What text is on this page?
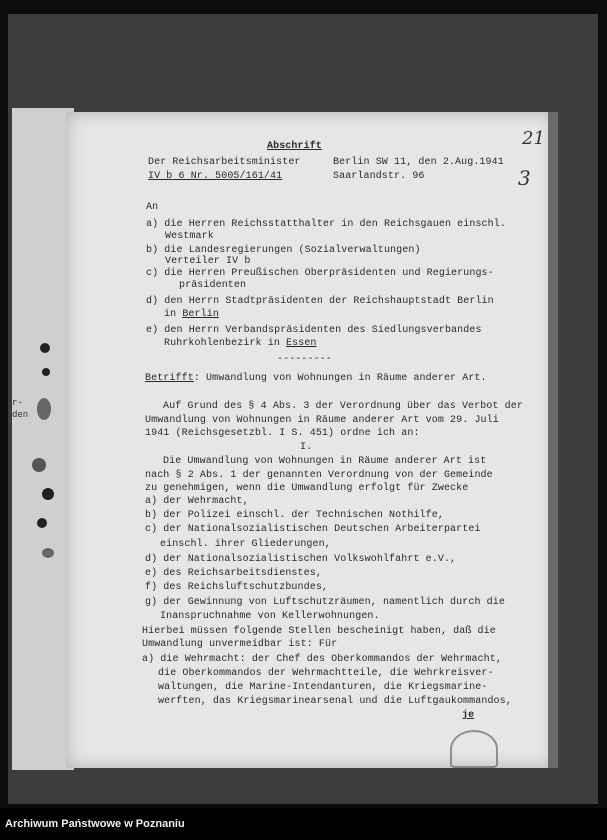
r-
den
Abschrift
Der Reichsarbeitsminister
IV b 6 Nr. 5005/161/41
Berlin SW 11, den 2.Aug.1941
Saarlandstr. 96
21
3
An
a) die Herren Reichsstatthalter in den Reichsgauen einschl.
Westmark
b) die Landesregierungen (Sozialverwaltungen)
Verteiler IV b
c) die Herren Preußischen Oberpräsidenten und Regierungs-
präsidenten
d) den Herrn Stadtpräsidenten der Reichshauptstadt Berlin
in Berlin
e) den Herrn Verbandspräsidenten des Siedlungsverbandes
Ruhrkohlenbezirk in Essen
---------
Betrifft: Umwandlung von Wohnungen in Räume anderer Art.
Auf Grund des § 4 Abs. 3 der Verordnung über das Verbot der
Umwandlung von Wohnungen in Räume anderer Art vom 29. Juli
1941 (Reichsgesetzbl. I S. 451) ordne ich an:
I.
Die Umwandlung von Wohnungen in Räume anderer Art ist
nach § 2 Abs. 1 der genannten Verordnung von der Gemeinde
zu genehmigen, wenn die Umwandlung erfolgt für Zwecke
a) der Wehrmacht,
b) der Polizei einschl. der Technischen Nothilfe,
c) der Nationalsozialistischen Deutschen Arbeiterpartei
einschl. ihrer Gliederungen,
d) der Nationalsozialistischen Volkswohlfahrt e.V.,
e) des Reichsarbeitsdienstes,
f) des Reichsluftschutzbundes,
g) der Gewinnung von Luftschutzräumen, namentlich durch die
Inanspruchnahme von Kellerwohnungen.
Hierbei müssen folgende Stellen bescheinigt haben, daß die
Umwandlung unvermeidbar ist: Für
a) die Wehrmacht: der Chef des Oberkommandos der Wehrmacht,
die Oberkommandos der Wehrmachtteile, die Wehrkreisver-
waltungen, die Marine-Intendanturen, die Kriegsmarine-
werften, das Kriegsmarinearsenal und die Luftgaukommandos,
je
Archiwum Państwowe w Poznaniu
